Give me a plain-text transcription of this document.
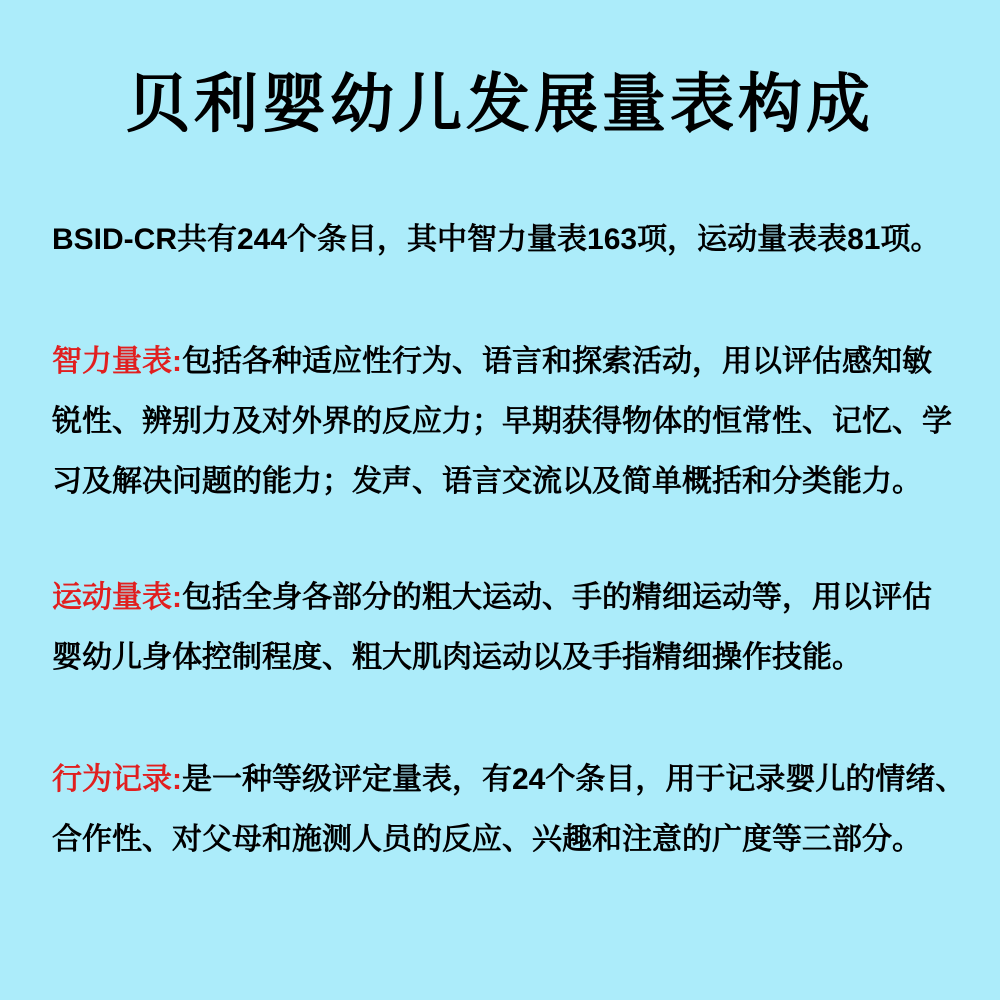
贝利婴幼儿发展量表构成

BSID-CR共有244个条目，其中智力量表163项，运动量表表81项。

智力量表:包括各种适应性行为、语言和探索活动，用以评估感知敏
锐性、辨别力及对外界的反应力；早期获得物体的恒常性、记忆、学
习及解决问题的能力；发声、语言交流以及简单概括和分类能力。
运动量表:包括全身各部分的粗大运动、手的精细运动等，用以评估
婴幼儿身体控制程度、粗大肌肉运动以及手指精细操作技能。
行为记录:是一种等级评定量表，有24个条目，用于记录婴儿的情绪、
合作性、对父母和施测人员的反应、兴趣和注意的广度等三部分。
